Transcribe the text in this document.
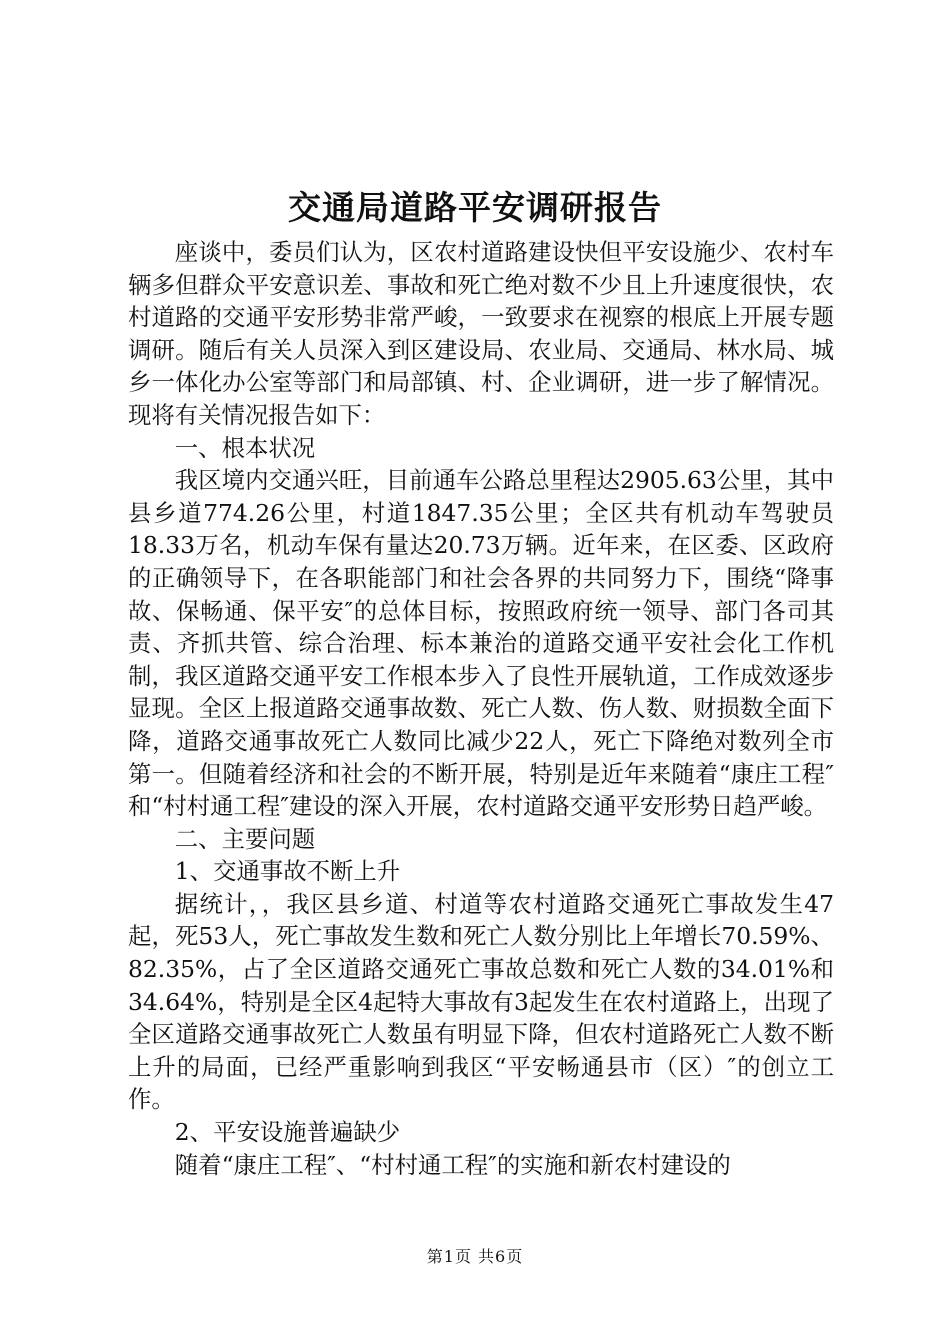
交通局道路平安调研报告

座谈中，委员们认为，区农村道路建设快但平安设施少、农村车辆多但群众平安意识差、事故和死亡绝对数不少且上升速度很快，农村道路的交通平安形势非常严峻，一致要求在视察的根底上开展专题调研。随后有关人员深入到区建设局、农业局、交通局、林水局、城乡一体化办公室等部门和局部镇、村、企业调研，进一步了解情况。现将有关情况报告如下：

一、根本状况

我区境内交通兴旺，目前通车公路总里程达2905.63公里，其中县乡道774.26公里，村道1847.35公里；全区共有机动车驾驶员18.33万名，机动车保有量达20.73万辆。近年来，在区委、区政府的正确领导下，在各职能部门和社会各界的共同努力下，围绕“降事故、保畅通、保平安″的总体目标，按照政府统一领导、部门各司其责、齐抓共管、综合治理、标本兼治的道路交通平安社会化工作机制，我区道路交通平安工作根本步入了良性开展轨道，工作成效逐步显现。全区上报道路交通事故数、死亡人数、伤人数、财损数全面下降，道路交通事故死亡人数同比减少22人，死亡下降绝对数列全市第一。但随着经济和社会的不断开展，特别是近年来随着“康庄工程″和“村村通工程″建设的深入开展，农村道路交通平安形势日趋严峻。

二、主要问题

1、交通事故不断上升

据统计，，我区县乡道、村道等农村道路交通死亡事故发生47起，死53人，死亡事故发生数和死亡人数分别比上年增长70.59%、82.35%，占了全区道路交通死亡事故总数和死亡人数的34.01%和34.64%，特别是全区4起特大事故有3起发生在农村道路上，出现了全区道路交通事故死亡人数虽有明显下降，但农村道路死亡人数不断上升的局面，已经严重影响到我区“平安畅通县市（区）″的创立工作。

2、平安设施普遍缺少

随着“康庄工程″、“村村通工程″的实施和新农村建设的

第1页 共6页
